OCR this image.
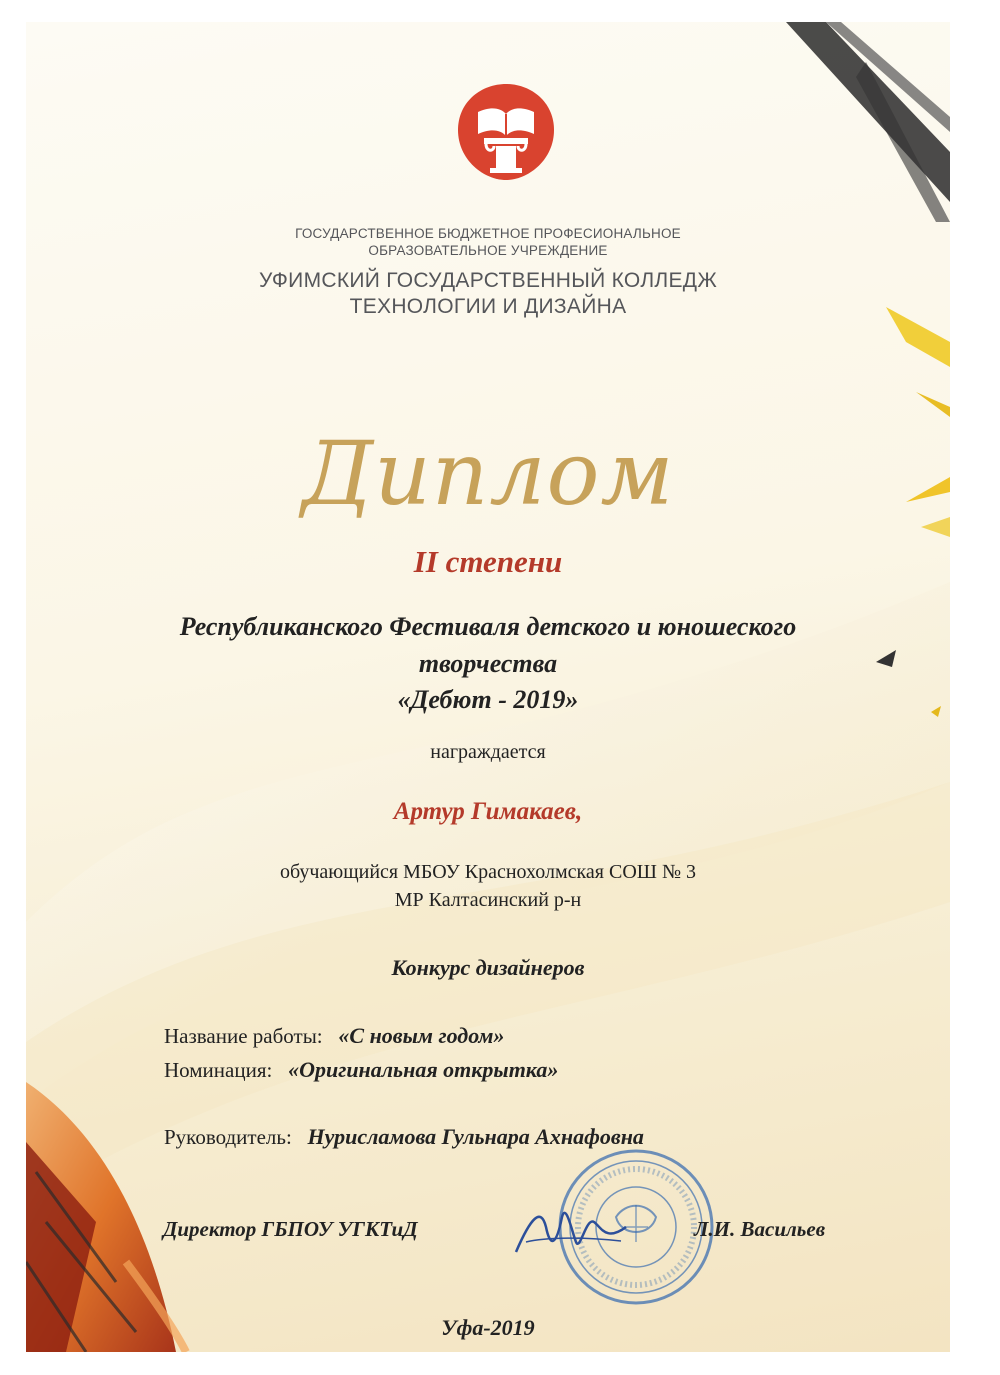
ГОСУДАРСТВЕННОЕ БЮДЖЕТНОЕ ПРОФЕСИОНАЛЬНОЕ

ОБРАЗОВАТЕЛЬНОЕ УЧРЕЖДЕНИЕ

УФИМСКИЙ ГОСУДАРСТВЕННЫЙ КОЛЛЕДЖ

ТЕХНОЛОГИИ И ДИЗАЙНА

Диплом

II степени

Республиканского Фестиваля детского и юношеского

творчества

«Дебют - 2019»

награждается

Артур Гимакаев,

обучающийся МБОУ Краснохолмская СОШ № 3

МР Калтасинский р-н

Конкурс дизайнеров

Название работы: «С новым годом»
Номинация: «Оригинальная открытка»
Руководитель: Нурисламова Гульнара Ахнафовна
Директор ГБПОУ УГКТиД	Л.И. Васильев

Уфа-2019
